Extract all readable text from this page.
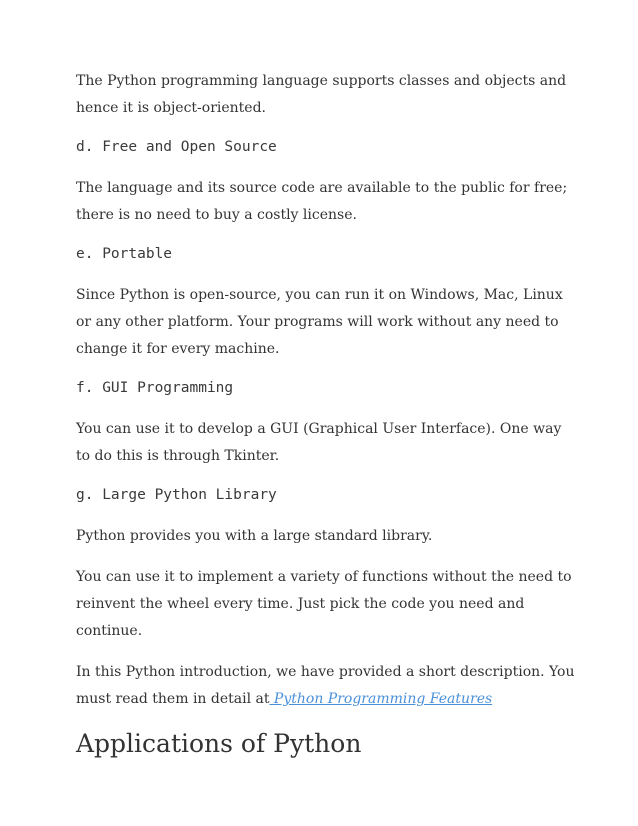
The Python programming language supports classes and objects and hence it is object-oriented.

d. Free and Open Source

The language and its source code are available to the public for free; there is no need to buy a costly license.

e. Portable

Since Python is open-source, you can run it on Windows, Mac, Linux or any other platform. Your programs will work without any need to change it for every machine.

f. GUI Programming

You can use it to develop a GUI (Graphical User Interface). One way to do this is through Tkinter.

g. Large Python Library

Python provides you with a large standard library.

You can use it to implement a variety of functions without the need to reinvent the wheel every time. Just pick the code you need and continue.

In this Python introduction, we have provided a short description. You must read them in detail at Python Programming Features

Applications of Python
